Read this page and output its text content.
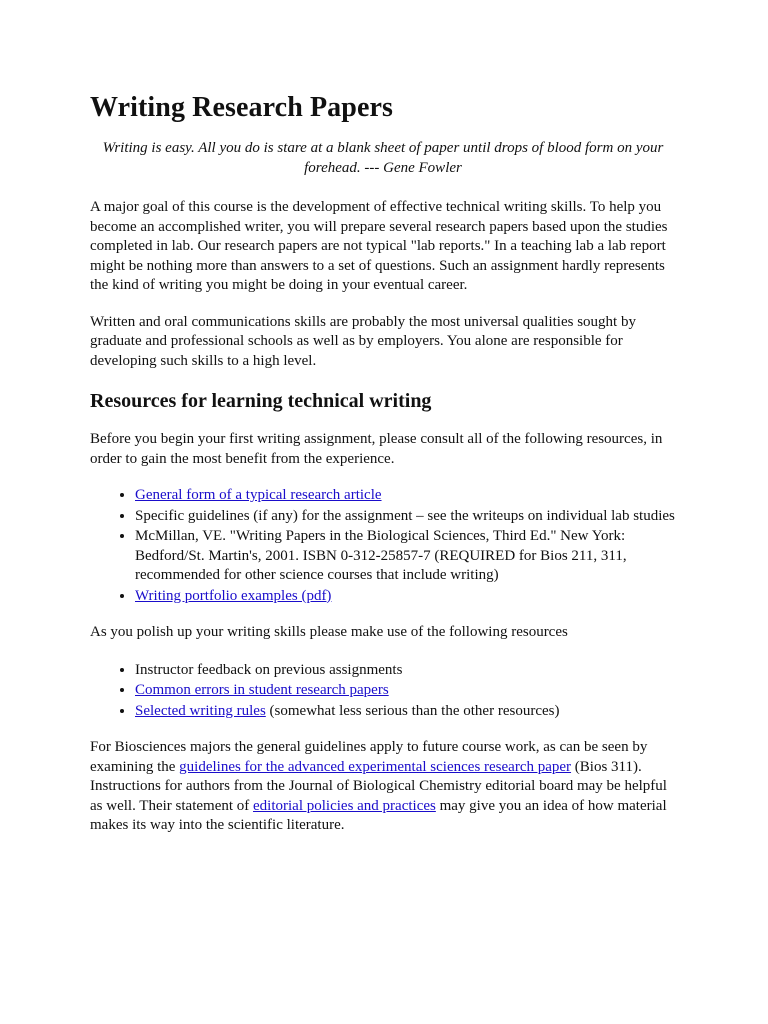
Writing Research Papers
Writing is easy. All you do is stare at a blank sheet of paper until drops of blood form on your forehead. --- Gene Fowler

A major goal of this course is the development of effective technical writing skills. To help you become an accomplished writer, you will prepare several research papers based upon the studies completed in lab. Our research papers are not typical "lab reports." In a teaching lab a lab report might be nothing more than answers to a set of questions. Such an assignment hardly represents the kind of writing you might be doing in your eventual career.

Written and oral communications skills are probably the most universal qualities sought by graduate and professional schools as well as by employers. You alone are responsible for developing such skills to a high level.

Resources for learning technical writing

Before you begin your first writing assignment, please consult all of the following resources, in order to gain the most benefit from the experience.

• General form of a typical research article
• Specific guidelines (if any) for the assignment – see the writeups on individual lab studies
• McMillan, VE. "Writing Papers in the Biological Sciences, Third Ed." New York: Bedford/St. Martin's, 2001. ISBN 0-312-25857-7 (REQUIRED for Bios 211, 311, recommended for other science courses that include writing)
• Writing portfolio examples (pdf)

As you polish up your writing skills please make use of the following resources

• Instructor feedback on previous assignments
• Common errors in student research papers
• Selected writing rules (somewhat less serious than the other resources)

For Biosciences majors the general guidelines apply to future course work, as can be seen by examining the guidelines for the advanced experimental sciences research paper (Bios 311). Instructions for authors from the Journal of Biological Chemistry editorial board may be helpful as well. Their statement of editorial policies and practices may give you an idea of how material makes its way into the scientific literature.
